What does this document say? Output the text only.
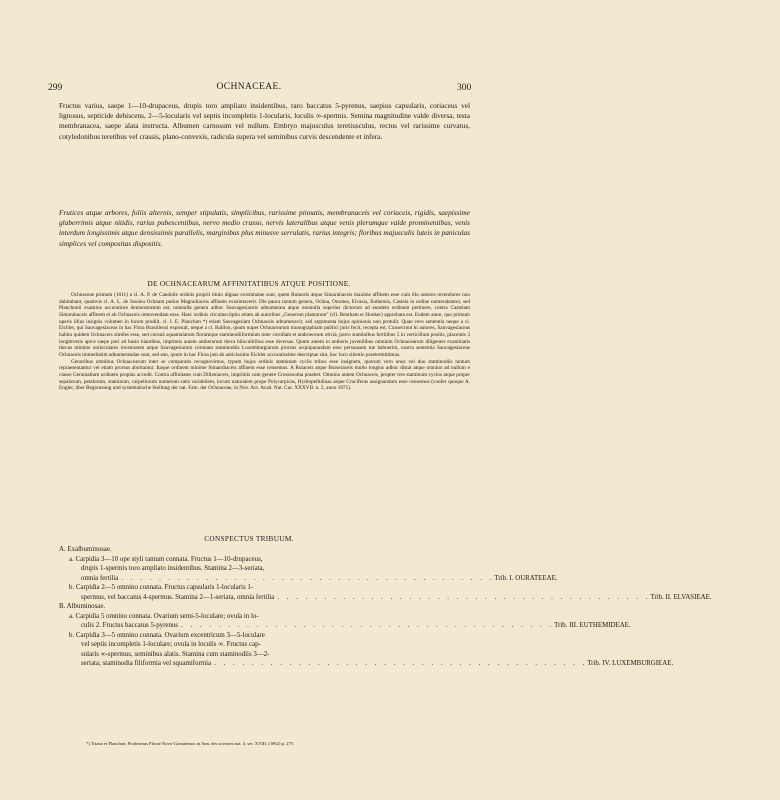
299	OCHNACEAE.	300
Fructus varius, saepe 1—10-drupaceus, drupis toro ampliato insidentibus, raro baccatus 5-pyrenus, saepius capsularis, coriaceus vel lignosus, septicide dehiscens, 2—5-locularis vel septis incompletis 1-locularis, loculis ∞-spermis. Semina magnitudine valde diversa, testa membranacea, saepe alata instructa. Albumen carnosum vel nullum. Embryo majusculus teretiusculus, rectus vel rarissime curvatus, cotyledonibus teretibus vel crassis, plano-convexis, radicula supera vel seminibus curvis descendente et infera.
Frutices atque arbores, foliis alternis, semper stipulatis, simplicibus, rarissime pinnatis, membranaceis vel coriaceis, rigidis, saepissime glaberrimis atque nitidis, rarius pubescentibus, nervo medio crasso, nervis lateralibus atque venis plerumque valde prominentibus, venis interdum longissimis atque densissimis parallelis, marginibus plus minusve serrulatis, rarius integris; floribus majusculis luteis in paniculas simplices vel compositas dispositis.
DE OCHNACEARUM AFFINITATIBUS ATQUE POSITIONE.

Ochnaceae primum (1811) a cl. A. P. de Candolle ordinis proprii titulo dignae existimatae sunt, quem Rutaceis atque Simarubaceis maxime affinem esse cum illo autores recentiores non dubitabant, quamvis cl. A. L. de Jussieu Ochnam potius Magnoliaceis affinem existimaverit. Die pauca tantum genera, Ochna, Ouratea, Elvasia, Euthemis, Castela in ordine numerabantur, sed Planchonii examine accuratiore demonstratum est, nonnulla genera adhuc Sauvagesiaceis adnumerata atque nonnulla superius dictorum ad eundem ordinem pertinere, contra Castelam Simarubaceis affinem et ab Ochnaceis removendam esse. Haec ordinis circumscriptio etiam ab autoribus „Generum plantarum" (cll. Bentham et Hooker) approbata est. Eodem anno, quo primum operis illius insignis volumen in lucem prodiit, cl. J. E. Planchon *) etiam Sauvagesiam Ochnaceis adnumeravit, sed argumenta hujus opinionis non protulit. Quae vero sententia neque a cl. Eichler, qui Sauvagesiaceas in hac Flora Brasiliensi exposuit, neque a cl. Baillon, quum nuper Ochnacearum monographiam publici juris fecit, recepta est. Consecrunt hi autores, Sauvagesiaceas habitu quidem Ochnaceis similes esse, sed coronâ squamularum florumque staminodiiformium inter corollam et androeceum obvià, porro staminibus fertilibus 5 in verticillum positis, placentis 3 longitrorsis apice saepe pori ad basin hiantibus, imprimis autem antherarum theca biloculiribus esse diversas. Quum autem in antheris juvenilibus omnium Ochnacearum diligenter examinatis thecas minime uniloculares invenissem atque Sauvagesiarum coronam staminodiis Luxemburgiarum prorsus acquiparandam esse persuasum me habuerim, nostra sententia Sauvagesiaceae Ochnaceis immediatim adnumerandae sunt, sed ean, quum in hac Flora jam ab amicissimo Eichler accuratissime descriptae sint, hoc loco silentio praetermittimus.

Genoribus omnibus Ochnacearum inter se comparatis recognovimus, typum hujus ordinis staminum cyclis tribus esse insignem, quorum vero unus vel duo staminodiis tantum repraesentantur vel etiam prorsus abortantur. Itaque ordinem minime Simarubaceis affinem esse censemus. A Rutaceis atque Burseraceis multo longius adhuc distat atque omnino ad nullum e classe Geranialium ordinem propius accedit. Contra affinitates cum Dilleniaceis, imprimis cum genere Crossosoma praebet. Omnino autem Ochnaceis, propter tres staminum cyclos atque proper sepalorum, petalorum, staminum, carpellorum numerum satis variabilem, locum naturalem prope Polycarpicas, Hydropeltidinas atque Cruciferas assignandum esse censemus (confer quoque A. Engler, über Begrenzung und systematische Stellung der nat. Fam. der Ochnaceae, in Nov. Act. Acad. Nat. Cur. XXXVII. n. 2, anno 1875).

CONSPECTUS TRIBUUM.
A. Exalbuminosae.
a. Carpidia 3—10 ope styli tantum connata. Fructus 1—10-drupaceus,
drupis 1-spermis toro ampliato insidentibus. Stamina 2—3-seriata,
omnia fertilia . . . . . . . . . . . . . . . . . . . . . . . . . . . . . . . . . . . . . . . . Trib. I. OURATEEAE.
b. Carpidia 2—5 omnino connata. Fructus capsularis 1-locularis 1-
spermus, vel baccatus 4-spermus. Stamina 2—1-seriata, omnia fertilia . . . . . . . . . . . . . . . . . . . . . . . . . . . . . . . . . . . . . . . . Trib. II. ELVASIEAE.
B. Albuminosae.
a. Carpidia 5 omnino connata. Ovarium semi-5-loculare; ovula in lo-
culis 2. Fructus baccatus 5-pyrenus . . . . . . . . . . . . . . . . . . . . . . . . . . . . . . . . . . . . . . . . Trib. III. EUTHEMIDEAE.
b. Carpidia 3—5 omnino connata. Ovarium excentricum 3—5-loculare
vel septis incompletis 1-loculare; ovula in loculis ∞. Fructus cap-
sularis ∞-spermus, seminibus alatis. Stamina cum staminodiis 3—2-
seriata; staminodia filiformia vel squamiformia . . . . . . . . . . . . . . . . . . . . . . . . . . . . . . . . . . . . . . . . Trib. IV. LUXEMBURGIEAE.
*) Triana et Planchon, Prodromus Florae Novo-Granatensis in Ann. des sciences nat. 4. ser. XVIII. (1862) p. 275.
